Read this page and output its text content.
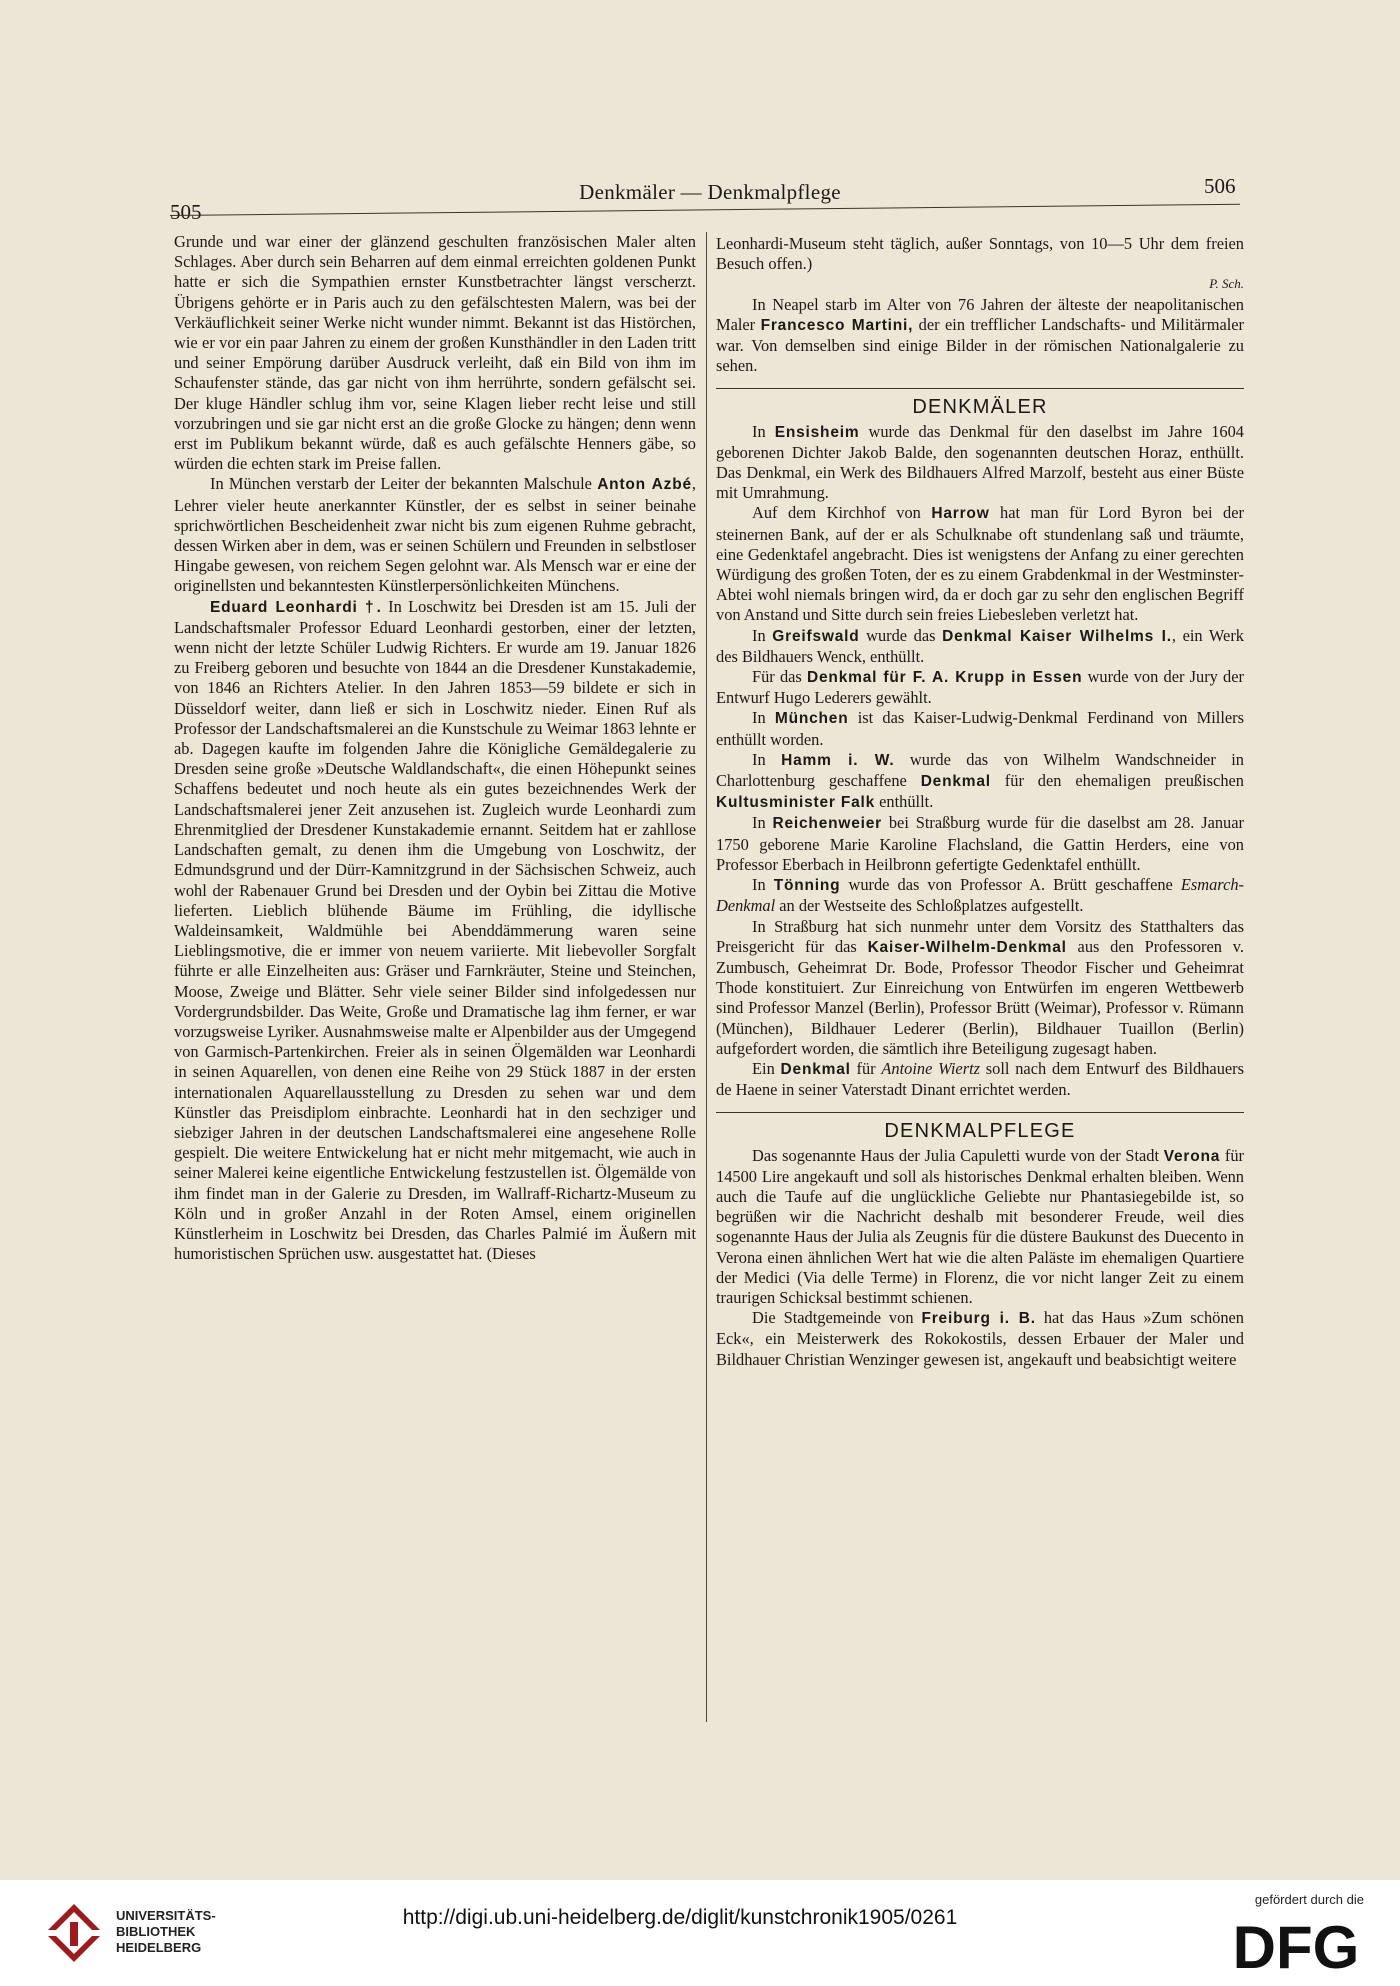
505
Denkmäler — Denkmalpflege	506

Grunde und war einer der glänzend geschulten französischen Maler alten Schlages. Aber durch sein Beharren auf dem einmal erreichten goldenen Punkt hatte er sich die Sympathien ernster Kunstbetrachter längst verscherzt. Übrigens gehörte er in Paris auch zu den gefälschtesten Malern, was bei der Verkäuflichkeit seiner Werke nicht wunder nimmt. Bekannt ist das Histörchen, wie er vor ein paar Jahren zu einem der großen Kunsthändler in den Laden tritt und seiner Empörung darüber Ausdruck verleiht, daß ein Bild von ihm im Schaufenster stände, das gar nicht von ihm herrührte, sondern gefälscht sei. Der kluge Händler schlug ihm vor, seine Klagen lieber recht leise und still vorzubringen und sie gar nicht erst an die große Glocke zu hängen; denn wenn erst im Publikum bekannt würde, daß es auch gefälschte Henners gäbe, so würden die echten stark im Preise fallen.

In München verstarb der Leiter der bekannten Malschule Anton Azbé, Lehrer vieler heute anerkannter Künstler, der es selbst in seiner beinahe sprichwörtlichen Bescheidenheit zwar nicht bis zum eigenen Ruhme gebracht, dessen Wirken aber in dem, was er seinen Schülern und Freunden in selbstloser Hingabe gewesen, von reichem Segen gelohnt war. Als Mensch war er eine der originellsten und bekanntesten Künstlerpersönlichkeiten Münchens.

Eduard Leonhardi †. In Loschwitz bei Dresden ist am 15. Juli der Landschaftsmaler Professor Eduard Leonhardi gestorben, einer der letzten, wenn nicht der letzte Schüler Ludwig Richters. Er wurde am 19. Januar 1826 zu Freiberg geboren und besuchte von 1844 an die Dresdener Kunstakademie, von 1846 an Richters Atelier. In den Jahren 1853—59 bildete er sich in Düsseldorf weiter, dann ließ er sich in Loschwitz nieder. Einen Ruf als Professor der Landschaftsmalerei an die Kunstschule zu Weimar 1863 lehnte er ab. Dagegen kaufte im folgenden Jahre die Königliche Gemäldegalerie zu Dresden seine große »Deutsche Waldlandschaft«, die einen Höhepunkt seines Schaffens bedeutet und noch heute als ein gutes bezeichnendes Werk der Landschaftsmalerei jener Zeit anzusehen ist. Zugleich wurde Leonhardi zum Ehrenmitglied der Dresdener Kunstakademie ernannt. Seitdem hat er zahllose Landschaften gemalt, zu denen ihm die Umgebung von Loschwitz, der Edmundsgrund und der Dürr-Kamnitzgrund in der Sächsischen Schweiz, auch wohl der Rabenauer Grund bei Dresden und der Oybin bei Zittau die Motive lieferten. Lieblich blühende Bäume im Frühling, die idyllische Waldeinsamkeit, Waldmühle bei Abenddämmerung waren seine Lieblingsmotive, die er immer von neuem variierte. Mit liebevoller Sorgfalt führte er alle Einzelheiten aus: Gräser und Farnkräuter, Steine und Steinchen, Moose, Zweige und Blätter. Sehr viele seiner Bilder sind infolgedessen nur Vordergrundsbilder. Das Weite, Große und Dramatische lag ihm ferner, er war vorzugsweise Lyriker. Ausnahmsweise malte er Alpenbilder aus der Umgegend von Garmisch-Partenkirchen. Freier als in seinen Ölgemälden war Leonhardi in seinen Aquarellen, von denen eine Reihe von 29 Stück 1887 in der ersten internationalen Aquarellausstellung zu Dresden zu sehen war und dem Künstler das Preisdiplom einbrachte. Leonhardi hat in den sechziger und siebziger Jahren in der deutschen Landschaftsmalerei eine angesehene Rolle gespielt. Die weitere Entwickelung hat er nicht mehr mitgemacht, wie auch in seiner Malerei keine eigentliche Entwickelung festzustellen ist. Ölgemälde von ihm findet man in der Galerie zu Dresden, im Wallraff-Richartz-Museum zu Köln und in großer Anzahl in der Roten Amsel, einem originellen Künstlerheim in Loschwitz bei Dresden, das Charles Palmié im Äußern mit humoristischen Sprüchen usw. ausgestattet hat. (Dieses

Leonhardi-Museum steht täglich, außer Sonntags, von 10—5 Uhr dem freien Besuch offen.)
P. Sch.

In Neapel starb im Alter von 76 Jahren der älteste der neapolitanischen Maler Francesco Martini, der ein trefflicher Landschafts- und Militärmaler war. Von demselben sind einige Bilder in der römischen Nationalgalerie zu sehen.

DENKMÄLER

In Ensisheim wurde das Denkmal für den daselbst im Jahre 1604 geborenen Dichter Jakob Balde, den sogenannten deutschen Horaz, enthüllt. Das Denkmal, ein Werk des Bildhauers Alfred Marzolf, besteht aus einer Büste mit Umrahmung.

Auf dem Kirchhof von Harrow hat man für Lord Byron bei der steinernen Bank, auf der er als Schulknabe oft stundenlang saß und träumte, eine Gedenktafel angebracht. Dies ist wenigstens der Anfang zu einer gerechten Würdigung des großen Toten, der es zu einem Grabdenkmal in der Westminster-Abtei wohl niemals bringen wird, da er doch gar zu sehr den englischen Begriff von Anstand und Sitte durch sein freies Liebesleben verletzt hat.

In Greifswald wurde das Denkmal Kaiser Wilhelms I., ein Werk des Bildhauers Wenck, enthüllt.

Für das Denkmal für F. A. Krupp in Essen wurde von der Jury der Entwurf Hugo Lederers gewählt.

In München ist das Kaiser-Ludwig-Denkmal Ferdinand von Millers enthüllt worden.

In Hamm i. W. wurde das von Wilhelm Wandschneider in Charlottenburg geschaffene Denkmal für den ehemaligen preußischen Kultusminister Falk enthüllt.

In Reichenweier bei Straßburg wurde für die daselbst am 28. Januar 1750 geborene Marie Karoline Flachsland, die Gattin Herders, eine von Professor Eberbach in Heilbronn gefertigte Gedenktafel enthüllt.

In Tönning wurde das von Professor A. Brütt geschaffene Esmarch-Denkmal an der Westseite des Schloßplatzes aufgestellt.

In Straßburg hat sich nunmehr unter dem Vorsitz des Statthalters das Preisgericht für das Kaiser-Wilhelm-Denkmal aus den Professoren v. Zumbusch, Geheimrat Dr. Bode, Professor Theodor Fischer und Geheimrat Thode konstituiert. Zur Einreichung von Entwürfen im engeren Wettbewerb sind Professor Manzel (Berlin), Professor Brütt (Weimar), Professor v. Rümann (München), Bildhauer Lederer (Berlin), Bildhauer Tuaillon (Berlin) aufgefordert worden, die sämtlich ihre Beteiligung zugesagt haben.

Ein Denkmal für Antoine Wiertz soll nach dem Entwurf des Bildhauers de Haene in seiner Vaterstadt Dinant errichtet werden.

DENKMALPFLEGE

Das sogenannte Haus der Julia Capuletti wurde von der Stadt Verona für 14500 Lire angekauft und soll als historisches Denkmal erhalten bleiben. Wenn auch die Taufe auf die unglückliche Geliebte nur Phantasiegebilde ist, so begrüßen wir die Nachricht deshalb mit besonderer Freude, weil dies sogenannte Haus der Julia als Zeugnis für die düstere Baukunst des Duecento in Verona einen ähnlichen Wert hat wie die alten Paläste im ehemaligen Quartiere der Medici (Via delle Terme) in Florenz, die vor nicht langer Zeit zu einem traurigen Schicksal bestimmt schienen.

Die Stadtgemeinde von Freiburg i. B. hat das Haus »Zum schönen Eck«, ein Meisterwerk des Rokokostils, dessen Erbauer der Maler und Bildhauer Christian Wenzinger gewesen ist, angekauft und beabsichtigt weitere

UNIVERSITÄTS-
BIBLIOTHEK
HEIDELBERG
http://digi.ub.uni-heidelberg.de/diglit/kunstchronik1905/0261
gefördert durch die
DFG
